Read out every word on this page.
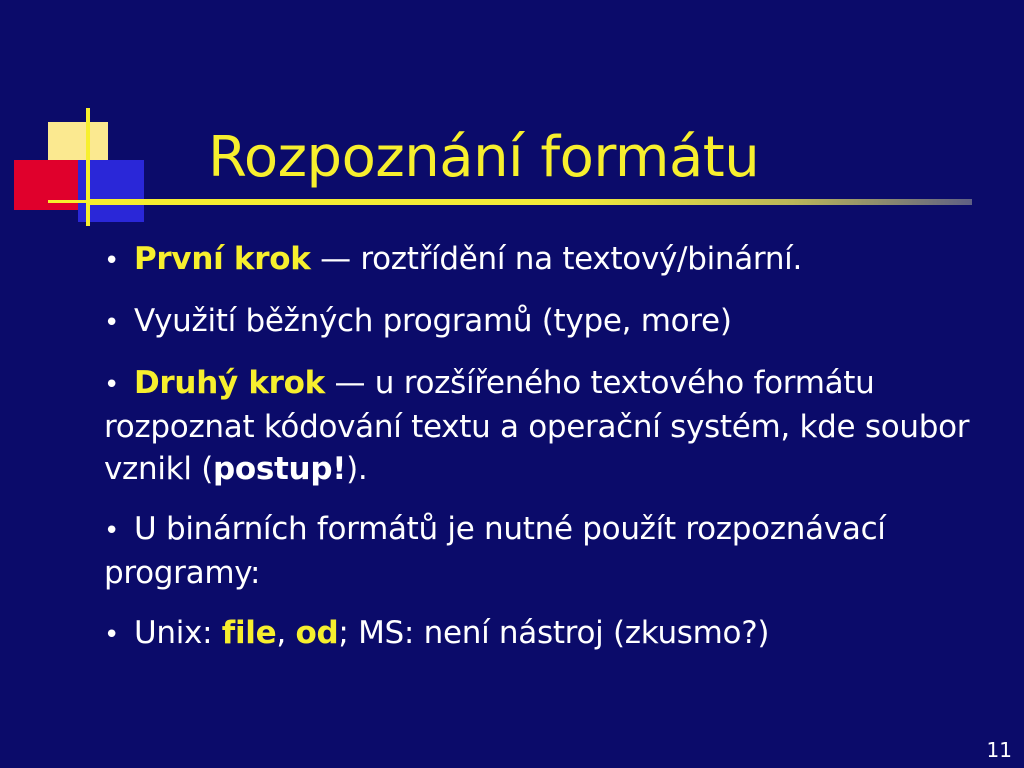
Rozpoznání formátu
• První krok — roztřídění na textový/binární.
• Využití běžných programů (type, more)
• Druhý krok — u rozšířeného textového formátu rozpoznat kódování textu a operační systém, kde soubor vznikl (postup!).
• U binárních formátů je nutné použít rozpoznávací programy:
• Unix: file, od; MS: není nástroj (zkusmo?)
11
